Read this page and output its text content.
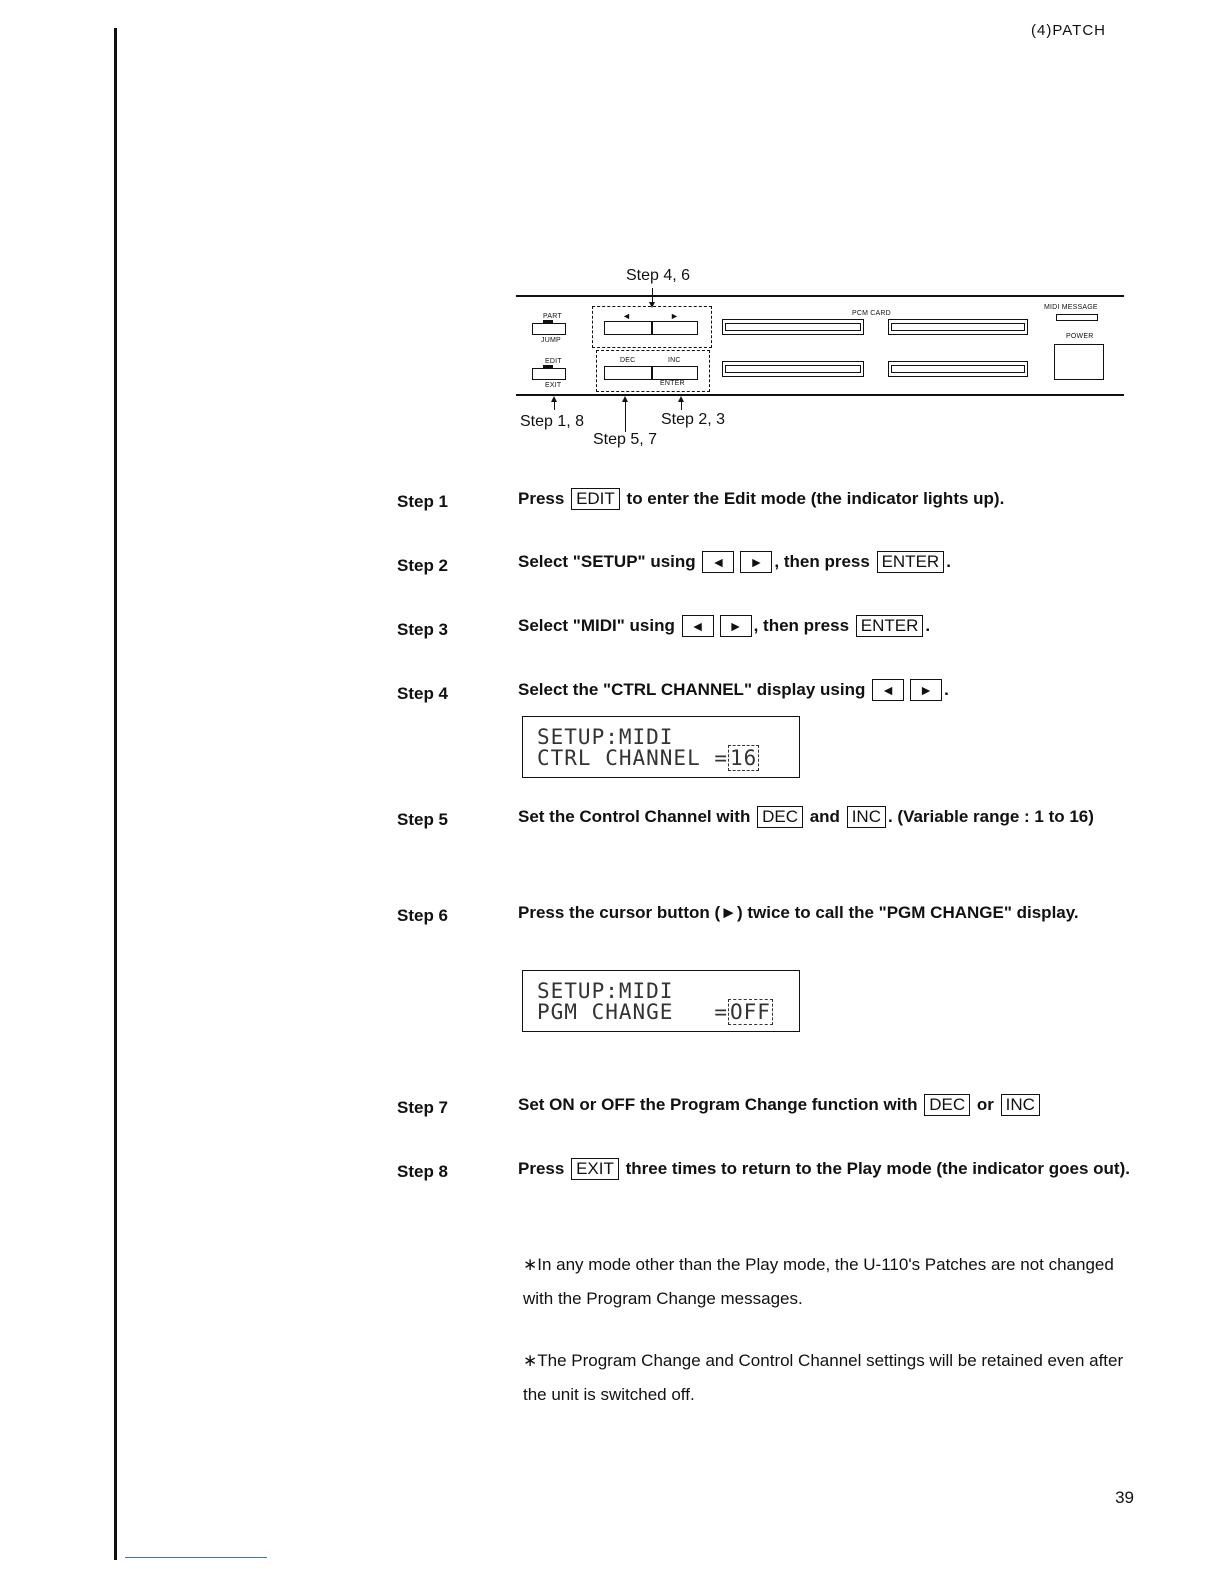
(4)PATCH
Step 4, 6
PART
JUMP
EDIT
EXIT
◄	►
DEC	INC
ENTER
PCM CARD
MIDI MESSAGE
POWER
Step 1, 8	Step 2, 3
Step 5, 7
Step 1	Press EDIT to enter the Edit mode (the indicator lights up).
Step 2	Select "SETUP" using	◄	► , then press ENTER .
Step 3	Select "MIDI" using	◄	► , then press ENTER .
Step 4	Select the "CTRL CHANNEL" display using	◄	► .
SETUP:MIDI
CTRL CHANNEL =16
Step 5	Set the Control Channel with DEC and INC . (Variable range : 1 to 16)
Step 6	Press the cursor button (►) twice to call the "PGM CHANGE" display.
SETUP:MIDI
PGM CHANGE   =OFF
Step 7	Set ON or OFF the Program Change function with DEC or INC
Step 8	Press EXIT three times to return to the Play mode (the indicator goes out).
∗In any mode other than the Play mode, the U-110's Patches are not changed with the Program Change messages.
∗The Program Change and Control Channel settings will be retained even after the unit is switched off.
39
